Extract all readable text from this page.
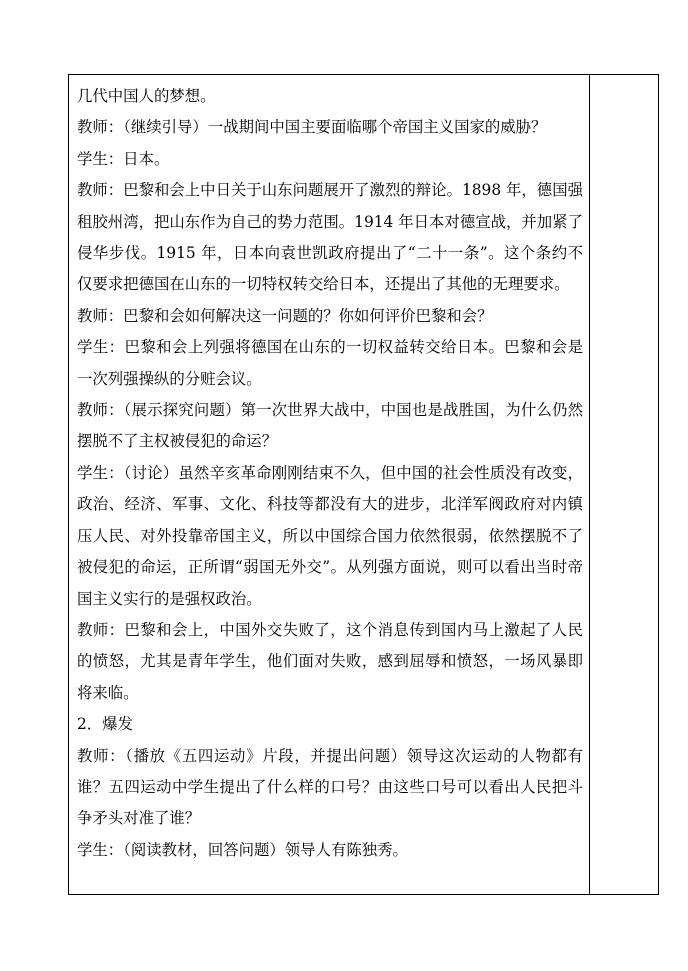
几代中国人的梦想。

教师：（继续引导）一战期间中国主要面临哪个帝国主义国家的威胁？

学生：日本。

教师：巴黎和会上中日关于山东问题展开了激烈的辩论。1898 年，德国强租胶州湾，把山东作为自己的势力范围。1914 年日本对德宣战，并加紧了侵华步伐。1915 年，日本向袁世凯政府提出了“二十一条”。这个条约不仅要求把德国在山东的一切特权转交给日本，还提出了其他的无理要求。

教师：巴黎和会如何解决这一问题的？你如何评价巴黎和会？

学生：巴黎和会上列强将德国在山东的一切权益转交给日本。巴黎和会是一次列强操纵的分赃会议。

教师：（展示探究问题）第一次世界大战中，中国也是战胜国，为什么仍然摆脱不了主权被侵犯的命运？

学生：（讨论）虽然辛亥革命刚刚结束不久，但中国的社会性质没有改变，政治、经济、军事、文化、科技等都没有大的进步，北洋军阀政府对内镇压人民、对外投靠帝国主义，所以中国综合国力依然很弱，依然摆脱不了被侵犯的命运，正所谓“弱国无外交”。从列强方面说，则可以看出当时帝国主义实行的是强权政治。

教师：巴黎和会上，中国外交失败了，这个消息传到国内马上激起了人民的愤怒，尤其是青年学生，他们面对失败，感到屈辱和愤怒，一场风暴即将来临。

2．爆发

教师：（播放《五四运动》片段，并提出问题）领导这次运动的人物都有谁？五四运动中学生提出了什么样的口号？由这些口号可以看出人民把斗争矛头对准了谁？

学生：（阅读教材，回答问题）领导人有陈独秀。
